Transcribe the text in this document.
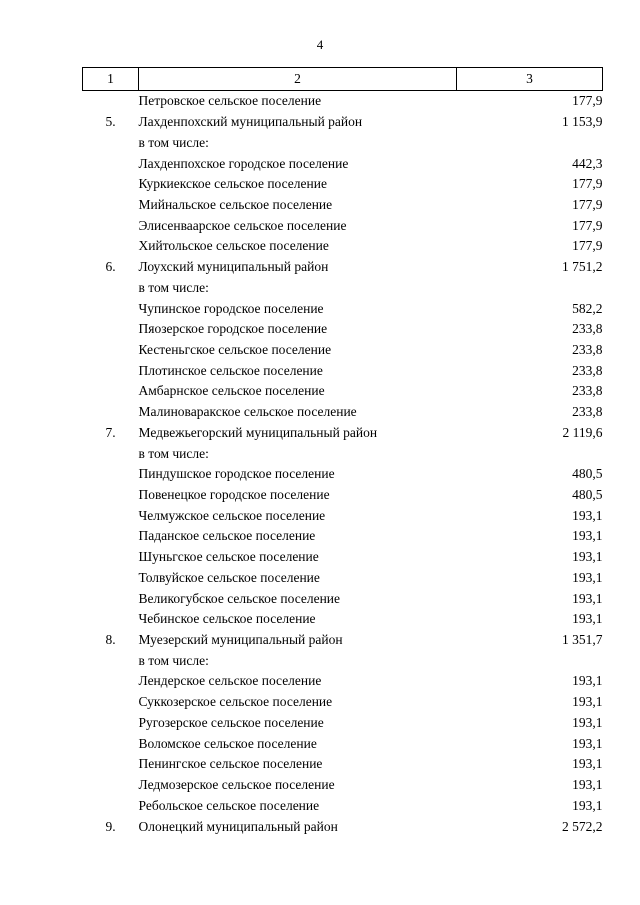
4
1	2	3
	Петровское сельское поселение	177,9
5.	Лахденпохский муниципальный район	1 153,9
	в том числе:	
	Лахденпохское городское поселение	442,3
	Куркиекское сельское поселение	177,9
	Мийнальское сельское поселение	177,9
	Элисенваарское сельское поселение	177,9
	Хийтольское сельское поселение	177,9
6.	Лоухский муниципальный район	1 751,2
	в том числе:	
	Чупинское городское поселение	582,2
	Пяозерское городское поселение	233,8
	Кестеньгское сельское поселение	233,8
	Плотинское сельское поселение	233,8
	Амбарнское сельское поселение	233,8
	Малиноваракское сельское поселение	233,8
7.	Медвежьегорский муниципальный район	2 119,6
	в том числе:	
	Пиндушское городское поселение	480,5
	Повенецкое городское поселение	480,5
	Челмужское сельское поселение	193,1
	Паданское сельское поселение	193,1
	Шуньгское сельское поселение	193,1
	Толвуйское сельское поселение	193,1
	Великогубское сельское поселение	193,1
	Чебинское сельское поселение	193,1
8.	Муезерский муниципальный район	1 351,7
	в том числе:	
	Лендерское сельское поселение	193,1
	Суккозерское сельское поселение	193,1
	Ругозерское сельское поселение	193,1
	Воломское сельское поселение	193,1
	Пенингское сельское поселение	193,1
	Ледмозерское сельское поселение	193,1
	Ребольское сельское поселение	193,1
9.	Олонецкий муниципальный район	2 572,2
